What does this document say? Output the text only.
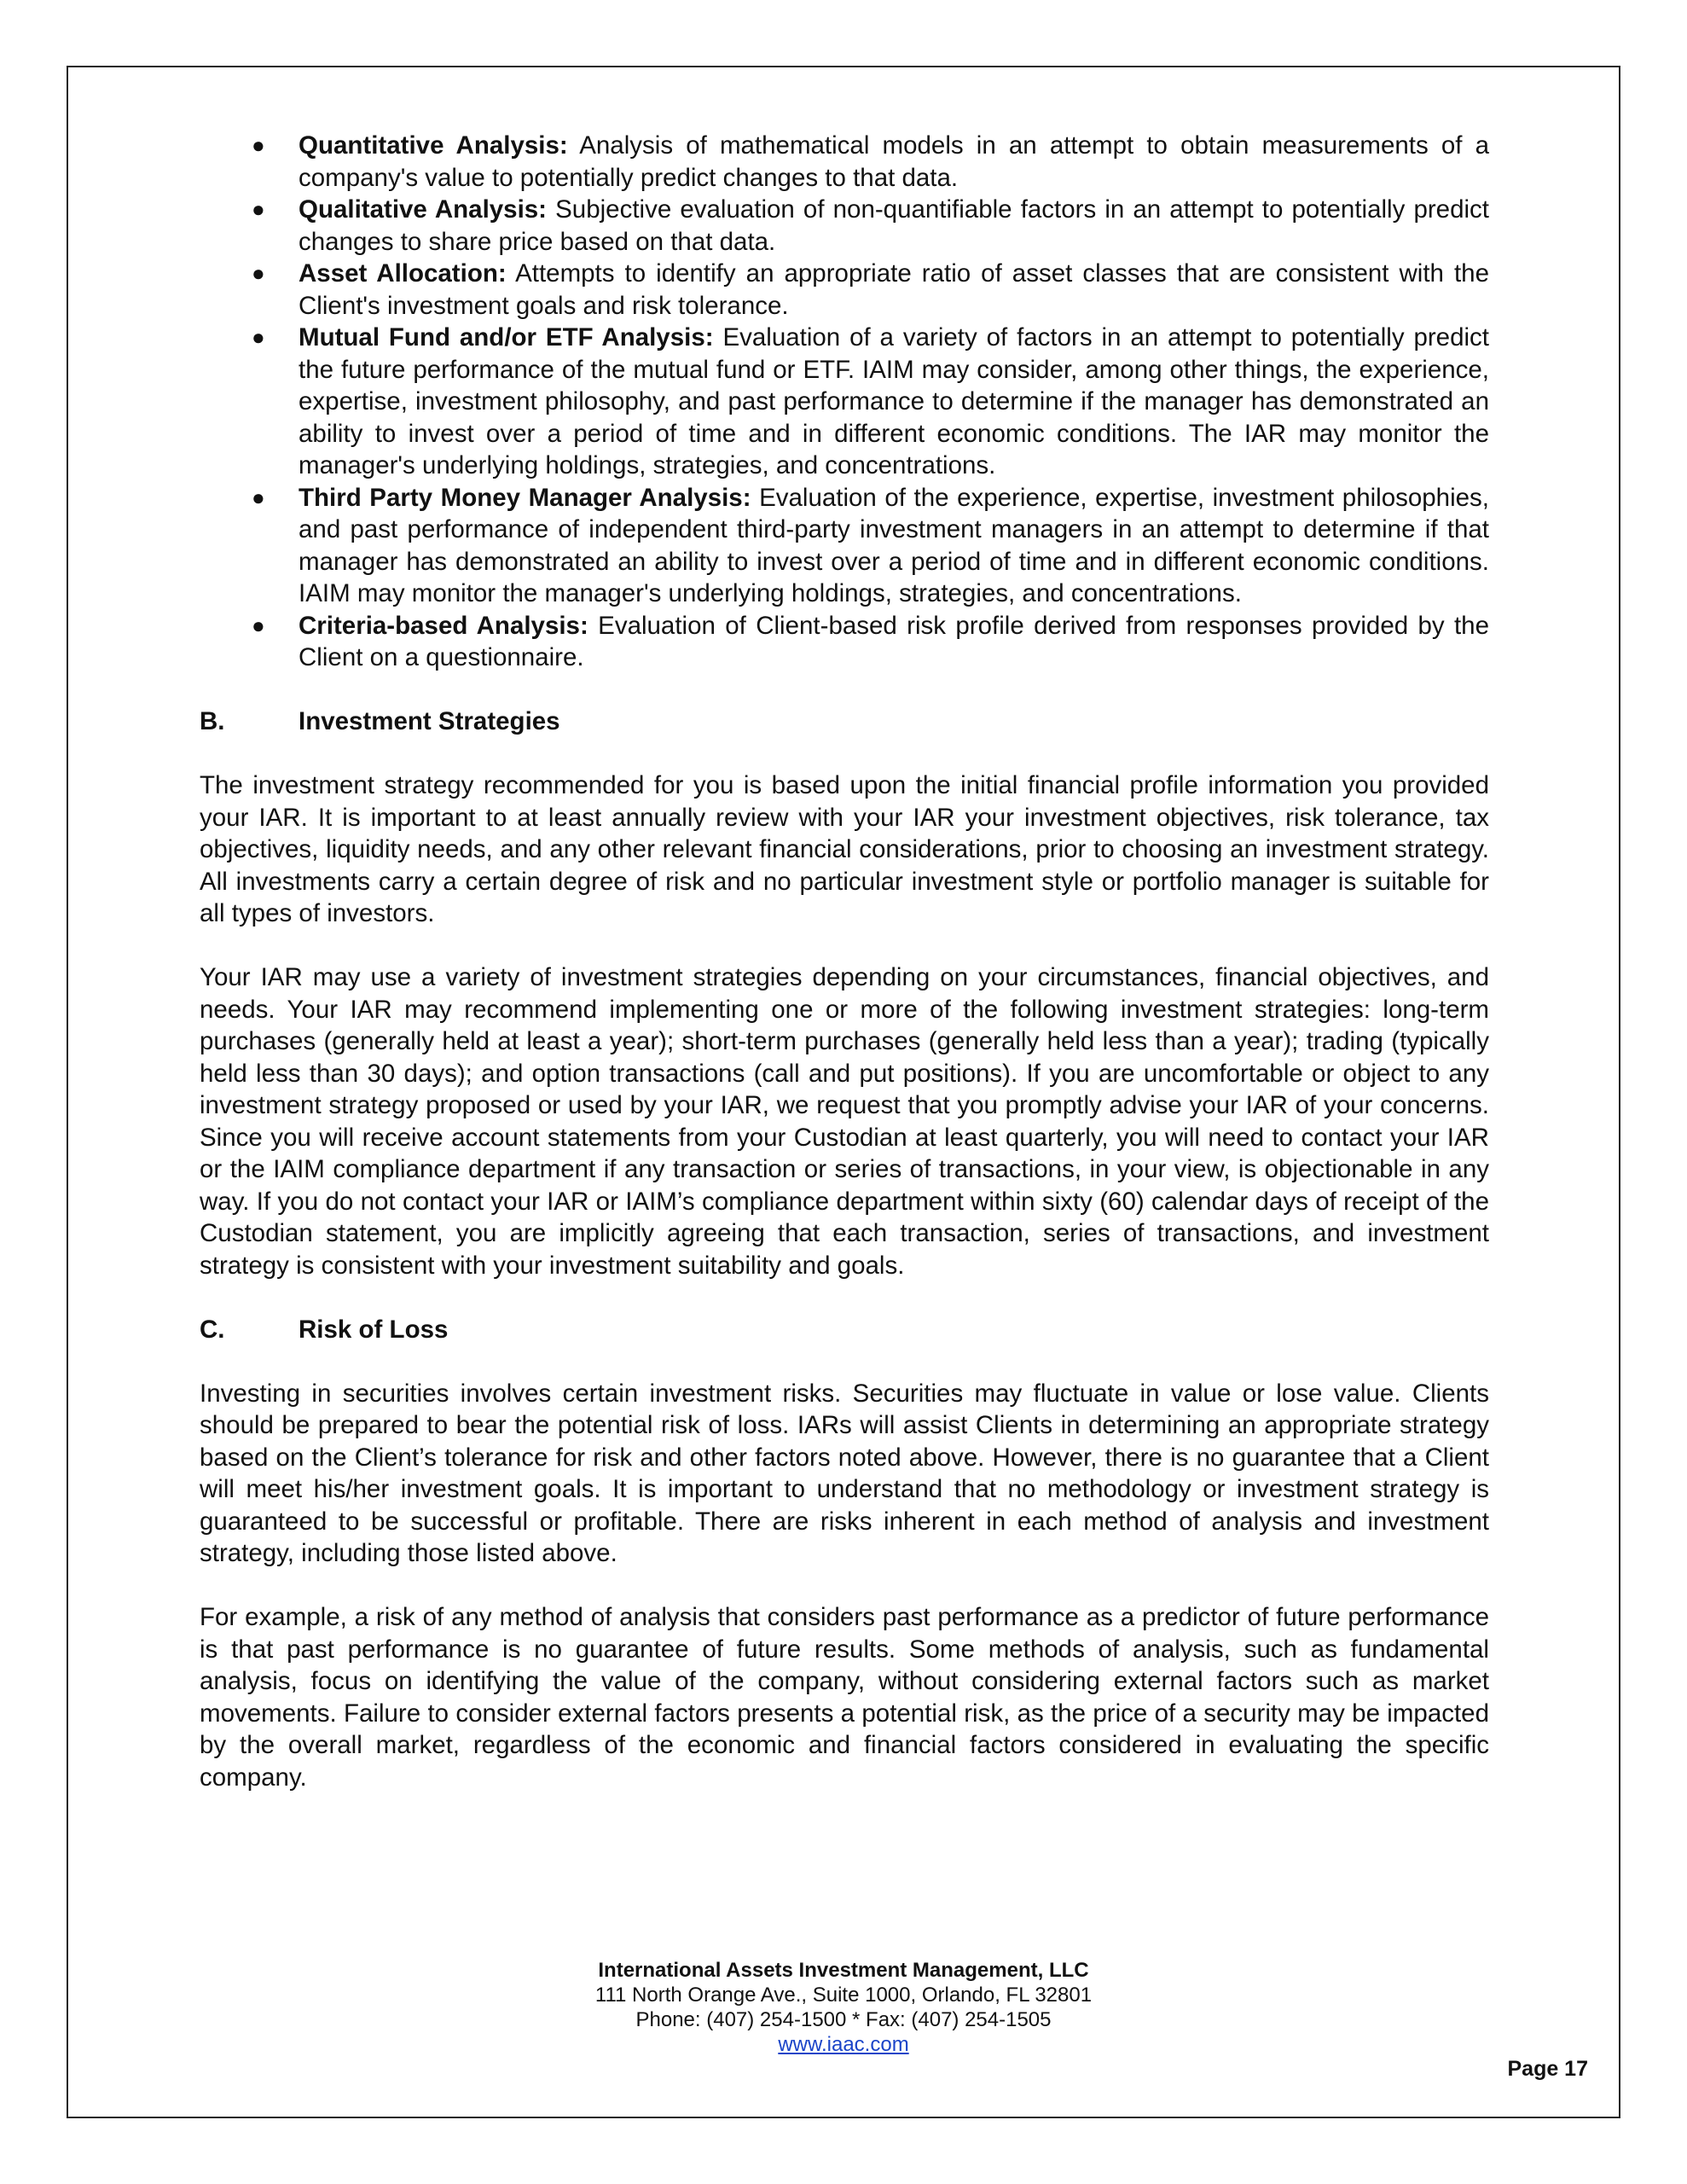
● Quantitative Analysis: Analysis of mathematical models in an attempt to obtain measurements of a company's value to potentially predict changes to that data.

● Qualitative Analysis: Subjective evaluation of non-quantifiable factors in an attempt to potentially predict changes to share price based on that data.

● Asset Allocation: Attempts to identify an appropriate ratio of asset classes that are consistent with the Client's investment goals and risk tolerance.

● Mutual Fund and/or ETF Analysis: Evaluation of a variety of factors in an attempt to potentially predict the future performance of the mutual fund or ETF. IAIM may consider, among other things, the experience, expertise, investment philosophy, and past performance to determine if the manager has demonstrated an ability to invest over a period of time and in different economic conditions. The IAR may monitor the manager's underlying holdings, strategies, and concentrations.

● Third Party Money Manager Analysis: Evaluation of the experience, expertise, investment philosophies, and past performance of independent third-party investment managers in an attempt to determine if that manager has demonstrated an ability to invest over a period of time and in different economic conditions. IAIM may monitor the manager's underlying holdings, strategies, and concentrations.

● Criteria-based Analysis: Evaluation of Client-based risk profile derived from responses provided by the Client on a questionnaire.

B.	Investment Strategies

The investment strategy recommended for you is based upon the initial financial profile information you provided your IAR. It is important to at least annually review with your IAR your investment objectives, risk tolerance, tax objectives, liquidity needs, and any other relevant financial considerations, prior to choosing an investment strategy. All investments carry a certain degree of risk and no particular investment style or portfolio manager is suitable for all types of investors.

Your IAR may use a variety of investment strategies depending on your circumstances, financial objectives, and needs. Your IAR may recommend implementing one or more of the following investment strategies: long-term purchases (generally held at least a year); short-term purchases (generally held less than a year); trading (typically held less than 30 days); and option transactions (call and put positions). If you are uncomfortable or object to any investment strategy proposed or used by your IAR, we request that you promptly advise your IAR of your concerns. Since you will receive account statements from your Custodian at least quarterly, you will need to contact your IAR or the IAIM compliance department if any transaction or series of transactions, in your view, is objectionable in any way. If you do not contact your IAR or IAIM’s compliance department within sixty (60) calendar days of receipt of the Custodian statement, you are implicitly agreeing that each transaction, series of transactions, and investment strategy is consistent with your investment suitability and goals.

C.	Risk of Loss

Investing in securities involves certain investment risks. Securities may fluctuate in value or lose value. Clients should be prepared to bear the potential risk of loss. IARs will assist Clients in determining an appropriate strategy based on the Client’s tolerance for risk and other factors noted above. However, there is no guarantee that a Client will meet his/her investment goals. It is important to understand that no methodology or investment strategy is guaranteed to be successful or profitable. There are risks inherent in each method of analysis and investment strategy, including those listed above.

For example, a risk of any method of analysis that considers past performance as a predictor of future performance is that past performance is no guarantee of future results. Some methods of analysis, such as fundamental analysis, focus on identifying the value of the company, without considering external factors such as market movements. Failure to consider external factors presents a potential risk, as the price of a security may be impacted by the overall market, regardless of the economic and financial factors considered in evaluating the specific company.

International Assets Investment Management, LLC
111 North Orange Ave., Suite 1000, Orlando, FL 32801
Phone: (407) 254-1500 * Fax: (407) 254-1505
www.iaac.com
Page 17
